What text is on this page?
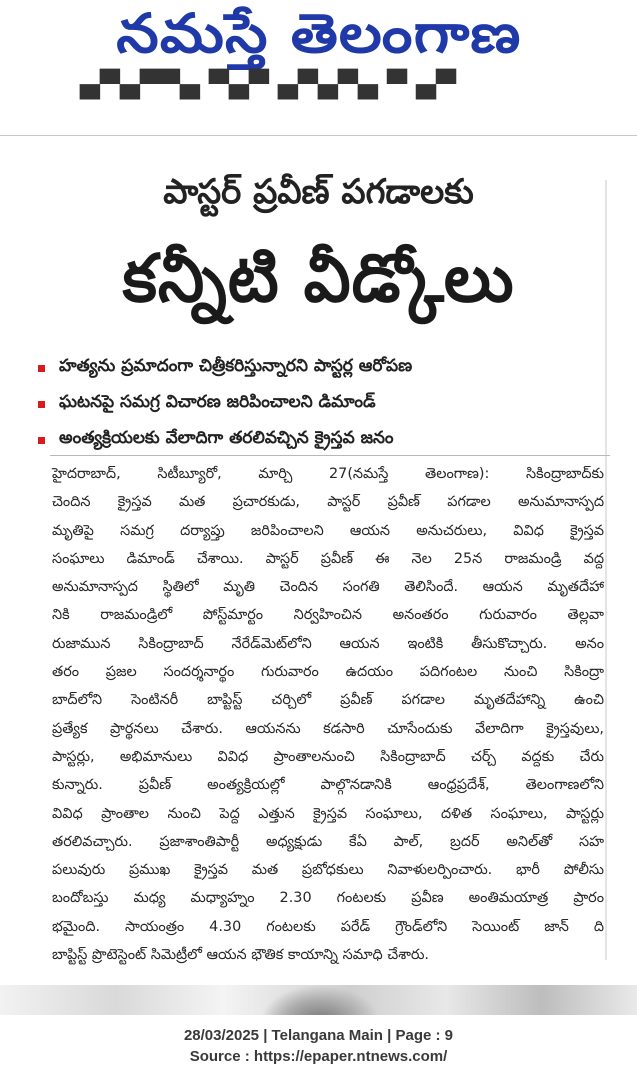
నమస్తే తెలంగాణ
▄▀▄▀▀▄ ▀▄▀ ▄▀▄▀▄ ▀ ▄▀
పాస్టర్ ప్రవీణ్ పగడాలకు
కన్నీటి వీడ్కోలు
హత్యను ప్రమాదంగా చిత్రీకరిస్తున్నారని పాస్టర్ల ఆరోపణ
ఘటనపై సమగ్ర విచారణ జరిపించాలని డిమాండ్
అంత్యక్రియలకు వేలాదిగా తరలివచ్చిన క్రైస్తవ జనం
హైదరాబాద్, సిటీబ్యూరో, మార్చి 27(నమస్తే తెలంగాణ): సికింద్రాబాద్‌కు
చెందిన క్రైస్తవ మత ప్రచారకుడు, పాస్టర్ ప్రవీణ్ పగడాల అనుమానాస్పద
మృతిపై సమగ్ర దర్యాప్తు జరిపించాలని ఆయన అనుచరులు, వివిధ క్రైస్తవ
సంఘాలు డిమాండ్ చేశాయి. పాస్టర్ ప్రవీణ్ ఈ నెల 25న రాజమండ్రి వద్ద
అనుమానాస్పద స్థితిలో మృతి చెందిన సంగతి తెలిసిందే. ఆయన మృతదేహా
నికి రాజమండ్రిలో పోస్ట్‌మార్టం నిర్వహించిన అనంతరం గురువారం తెల్లవా
రుజామున సికింద్రాబాద్ నేరేడ్‌మెట్‌లోని ఆయన ఇంటికి తీసుకొచ్చారు. అనం
తరం ప్రజల సందర్శనార్థం గురువారం ఉదయం పదిగంటల నుంచి సికింద్రా
బాద్‌లోని సెంటినరీ బాప్టిస్ట్ చర్చిలో ప్రవీణ్ పగడాల మృతదేహాన్ని ఉంచి
ప్రత్యేక ప్రార్థనలు చేశారు. ఆయనను కడసారి చూసేందుకు వేలాదిగా క్రైస్తవులు,
పాస్టర్లు, అభిమానులు వివిధ ప్రాంతాలనుంచి సికింద్రాబాద్ చర్చ్ వద్దకు చేరు
కున్నారు. ప్రవీణ్ అంత్యక్రియల్లో పాల్గొనడానికి ఆంధ్రప్రదేశ్, తెలంగాణలోని
వివిధ ప్రాంతాల నుంచి పెద్ద ఎత్తున క్రైస్తవ సంఘాలు, దళిత సంఘాలు, పాస్టర్లు
తరలివచ్చారు. ప్రజాశాంతిపార్టీ అధ్యక్షుడు కేఏ పాల్, బ్రదర్ అనిల్‌తో సహ
పలువురు ప్రముఖ క్రైస్తవ మత ప్రబోధకులు నివాళులర్పించారు. భారీ పోలీసు
బందోబస్తు మధ్య మధ్యాహ్నం 2.30 గంటలకు ప్రవీణ అంతిమయాత్ర ప్రారం
భమైంది. సాయంత్రం 4.30 గంటలకు పరేడ్ గ్రౌండ్‌లోని సెయింట్ జాన్ ది
బాప్టిస్ట్ ప్రొటెస్టెంట్ సిమెట్రీలో ఆయన భౌతిక కాయాన్ని సమాధి చేశారు.
28/03/2025 | Telangana Main | Page : 9
Source : https://epaper.ntnews.com/
